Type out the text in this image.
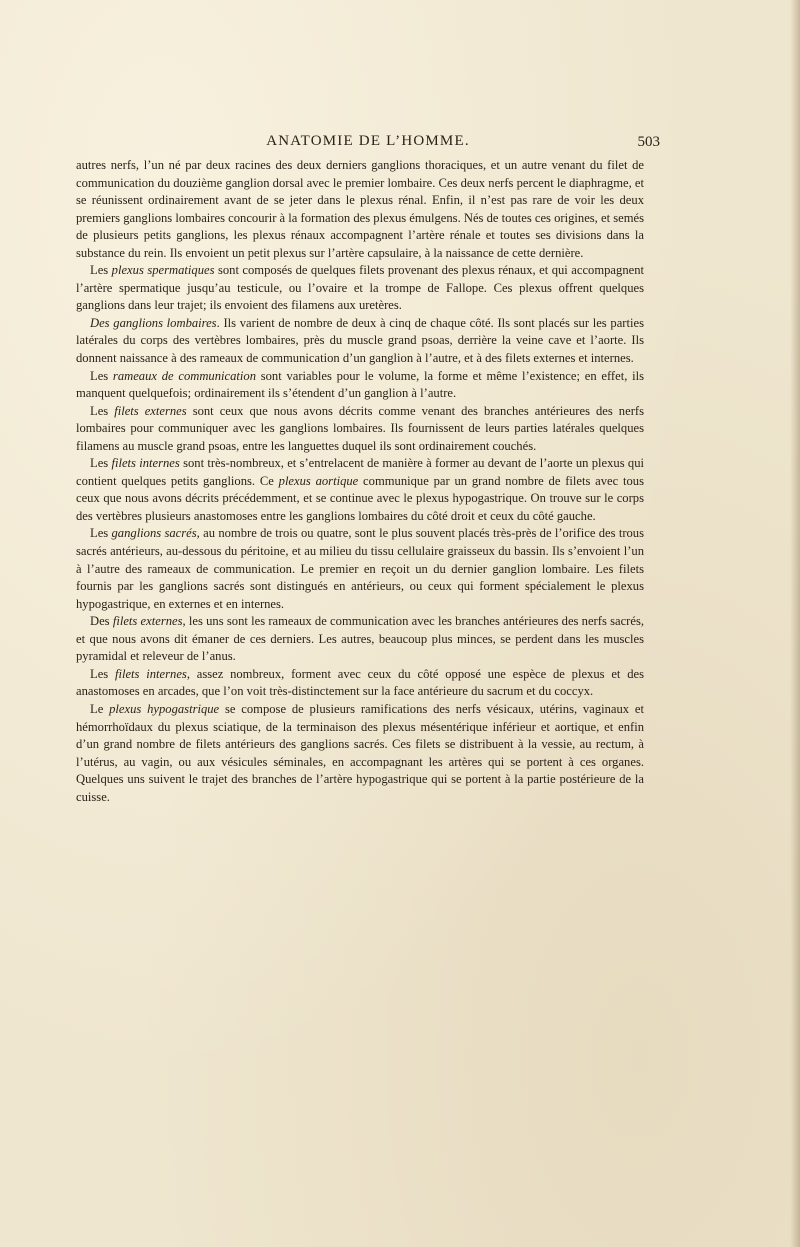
ANATOMIE DE L’HOMME.	503

autres nerfs, l’un né par deux racines des deux derniers ganglions thoraciques, et un autre venant du filet de communication du douzième ganglion dorsal avec le premier lombaire. Ces deux nerfs percent le diaphragme, et se réunissent ordinairement avant de se jeter dans le plexus rénal. Enfin, il n’est pas rare de voir les deux premiers ganglions lombaires concourir à la formation des plexus émulgens. Nés de toutes ces origines, et semés de plusieurs petits ganglions, les plexus rénaux accompagnent l’artère rénale et toutes ses divisions dans la substance du rein. Ils envoient un petit plexus sur l’artère capsulaire, à la naissance de cette dernière.

Les plexus spermatiques sont composés de quelques filets provenant des plexus rénaux, et qui accompagnent l’artère spermatique jusqu’au testicule, ou l’ovaire et la trompe de Fallope. Ces plexus offrent quelques ganglions dans leur trajet; ils envoient des filamens aux uretères.

Des ganglions lombaires. Ils varient de nombre de deux à cinq de chaque côté. Ils sont placés sur les parties latérales du corps des vertèbres lombaires, près du muscle grand psoas, derrière la veine cave et l’aorte. Ils donnent naissance à des rameaux de communication d’un ganglion à l’autre, et à des filets externes et internes.

Les rameaux de communication sont variables pour le volume, la forme et même l’existence; en effet, ils manquent quelquefois; ordinairement ils s’étendent d’un ganglion à l’autre.

Les filets externes sont ceux que nous avons décrits comme venant des branches antérieures des nerfs lombaires pour communiquer avec les ganglions lombaires. Ils fournissent de leurs parties latérales quelques filamens au muscle grand psoas, entre les languettes duquel ils sont ordinairement couchés.

Les filets internes sont très-nombreux, et s’entrelacent de manière à former au devant de l’aorte un plexus qui contient quelques petits ganglions. Ce plexus aortique communique par un grand nombre de filets avec tous ceux que nous avons décrits précédemment, et se continue avec le plexus hypogastrique. On trouve sur le corps des vertèbres plusieurs anastomoses entre les ganglions lombaires du côté droit et ceux du côté gauche.

Les ganglions sacrés, au nombre de trois ou quatre, sont le plus souvent placés très-près de l’orifice des trous sacrés antérieurs, au-dessous du péritoine, et au milieu du tissu cellulaire graisseux du bassin. Ils s’envoient l’un à l’autre des rameaux de communication. Le premier en reçoit un du dernier ganglion lombaire. Les filets fournis par les ganglions sacrés sont distingués en antérieurs, ou ceux qui forment spécialement le plexus hypogastrique, en externes et en internes.

Des filets externes, les uns sont les rameaux de communication avec les branches antérieures des nerfs sacrés, et que nous avons dit émaner de ces derniers. Les autres, beaucoup plus minces, se perdent dans les muscles pyramidal et releveur de l’anus.

Les filets internes, assez nombreux, forment avec ceux du côté opposé une espèce de plexus et des anastomoses en arcades, que l’on voit très-distinctement sur la face antérieure du sacrum et du coccyx.

Le plexus hypogastrique se compose de plusieurs ramifications des nerfs vésicaux, utérins, vaginaux et hémorrhoïdaux du plexus sciatique, de la terminaison des plexus mésentérique inférieur et aortique, et enfin d’un grand nombre de filets antérieurs des ganglions sacrés. Ces filets se distribuent à la vessie, au rectum, à l’utérus, au vagin, ou aux vésicules séminales, en accompagnant les artères qui se portent à ces organes. Quelques uns suivent le trajet des branches de l’artère hypogastrique qui se portent à la partie postérieure de la cuisse.
